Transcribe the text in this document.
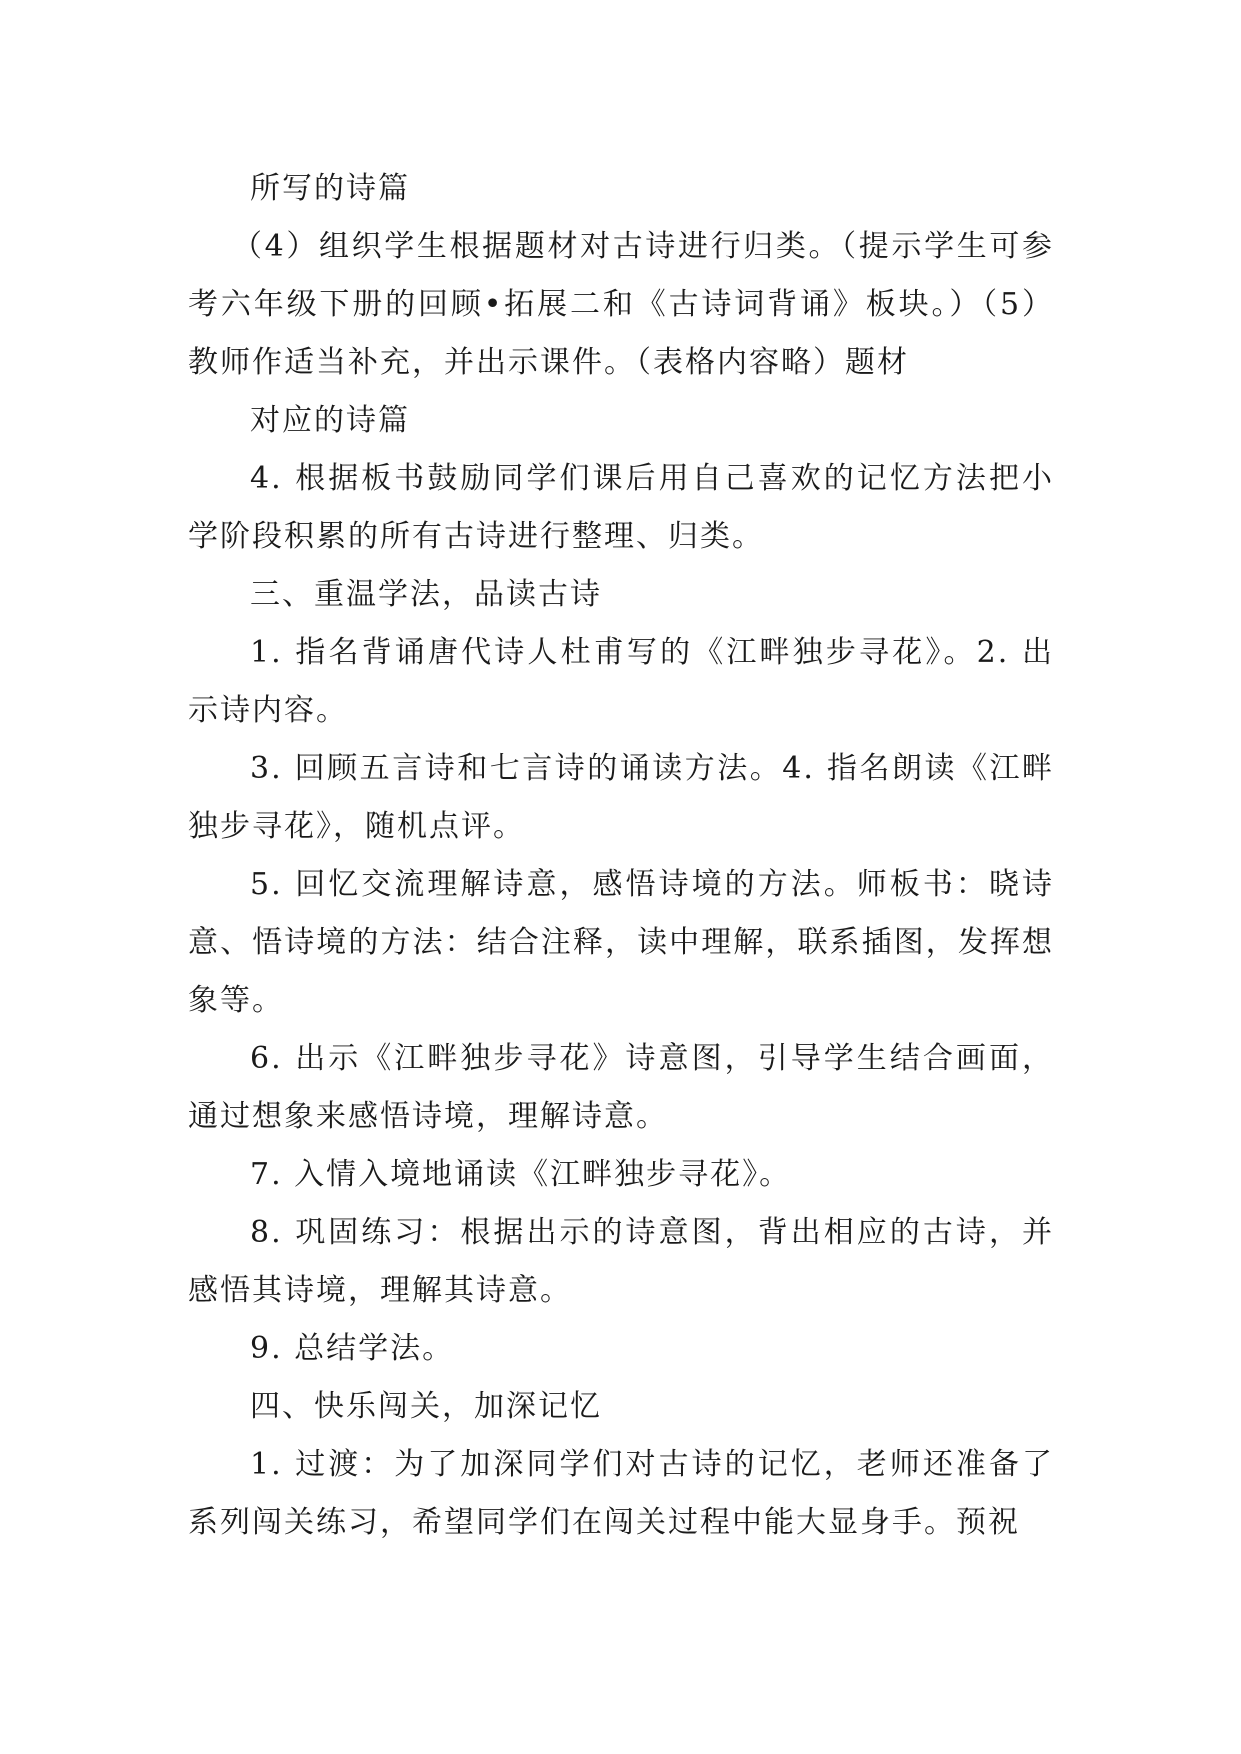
所写的诗篇

（4）组织学生根据题材对古诗进行归类。（提示学生可参考六年级下册的回顾•拓展二和《古诗词背诵》板块。）（5）教师作适当补充，并出示课件。（表格内容略）题材

对应的诗篇

4. 根据板书鼓励同学们课后用自己喜欢的记忆方法把小学阶段积累的所有古诗进行整理、归类。

三、重温学法，品读古诗

1. 指名背诵唐代诗人杜甫写的《江畔独步寻花》。2. 出示诗内容。

3. 回顾五言诗和七言诗的诵读方法。4. 指名朗读《江畔独步寻花》，随机点评。

5. 回忆交流理解诗意，感悟诗境的方法。师板书：晓诗意、悟诗境的方法：结合注释，读中理解，联系插图，发挥想象等。

6. 出示《江畔独步寻花》诗意图，引导学生结合画面，通过想象来感悟诗境，理解诗意。

7. 入情入境地诵读《江畔独步寻花》。

8. 巩固练习：根据出示的诗意图，背出相应的古诗，并感悟其诗境，理解其诗意。

9. 总结学法。

四、快乐闯关，加深记忆

1. 过渡：为了加深同学们对古诗的记忆，老师还准备了系列闯关练习，希望同学们在闯关过程中能大显身手。预祝
